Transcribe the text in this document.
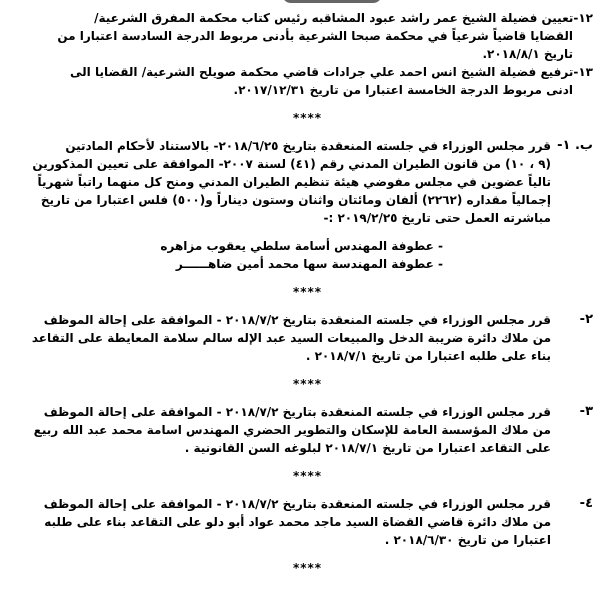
١٢-تعيين فضيلة الشيخ عمر راشد عبود المشاقبه رئيس كتاب محكمة المفرق الشرعية/
القضايا قاضياً شرعياً في محكمة صبحا الشرعية بأدنى مربوط الدرجة السادسة اعتبارا من
تاريخ ٢٠١٨/٨/١.
١٣-ترفيع فضيلة الشيخ انس احمد علي جرادات قاضي محكمة صويلح الشرعية/ القضايا الى
ادنى مربوط الدرجة الخامسة اعتبارا من تاريخ ٢٠١٧/١٢/٣١.
****
ب. ١-
قرر مجلس الوزراء في جلسته المنعقدة بتاريخ ٢٠١٨/٦/٢٥- بالاستناد لأحكام المادتين
(٩ ، ١٠) من قانون الطيران المدني رقم (٤١) لسنة ٢٠٠٧- الموافقة على تعيين المذكورين
تالياً عضوين في مجلس مفوضي هيئة تنظيم الطيران المدني ومنح كل منهما راتباً شهرياً
إجمالياً مقداره (٢٢٦٢) ألفان ومائتان واثنان وستون ديناراً و(٥٠٠) فلس اعتبارا من تاريخ
مباشرته العمل حتى تاريخ ٢٠١٩/٢/٢٥ :-
- عطوفة المهندس أسامة سلطي يعقوب مزاهره
- عطوفة المهندسة سها محمد أمين ضاهــــــر
****
٢-
قرر مجلس الوزراء في جلسته المنعقدة بتاريخ ٢٠١٨/٧/٢ - الموافقة على إحالة الموظف
من ملاك دائرة ضريبة الدخل والمبيعات السيد عبد الإله سالم سلامة المعايطة على التقاعد
بناء على طلبه اعتبارا من تاريخ ٢٠١٨/٧/١ .
****
٣-
قرر مجلس الوزراء في جلسته المنعقدة بتاريخ ٢٠١٨/٧/٢ - الموافقة على إحالة الموظف
من ملاك المؤسسة العامة للإسكان والتطوير الحضري المهندس اسامة محمد عبد الله ربيع
على التقاعد اعتبارا من تاريخ ٢٠١٨/٧/١ لبلوغه السن القانونية .
****
٤-
قرر مجلس الوزراء في جلسته المنعقدة بتاريخ ٢٠١٨/٧/٢ - الموافقة على إحالة الموظف
من ملاك دائرة قاضي القضاة السيد ماجد محمد عواد أبو دلو على التقاعد بناء على طلبه
اعتبارا من تاريخ ٢٠١٨/٦/٣٠ .
****
